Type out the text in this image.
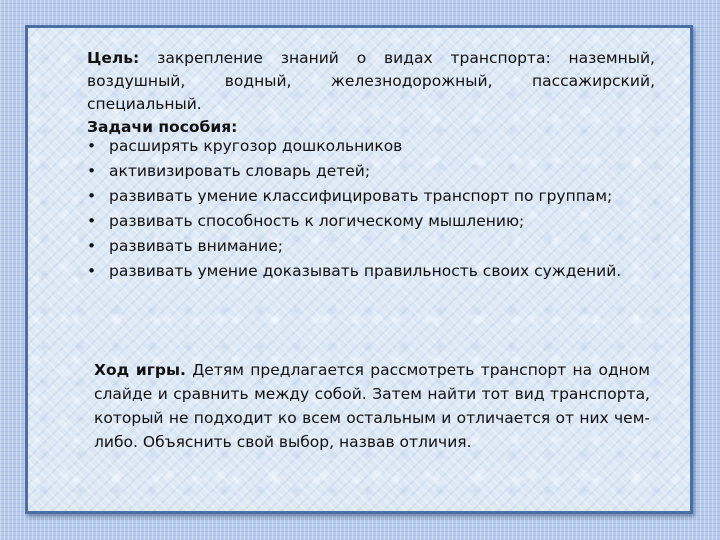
Цель: закрепление знаний о видах транспорта: наземный, воздушный, водный, железнодорожный, пассажирский, специальный.

Задачи пособия:

• расширять кругозор дошкольников
• активизировать словарь детей;
• развивать умение классифицировать транспорт по группам;
• развивать способность к логическому мышлению;
• развивать внимание;
• развивать умение доказывать правильность своих суждений.

Ход игры. Детям предлагается рассмотреть транспорт на одном слайде и сравнить между собой. Затем найти тот вид транспорта, который не подходит ко всем остальным и отличается от них чем-либо. Объяснить свой выбор, назвав отличия.
